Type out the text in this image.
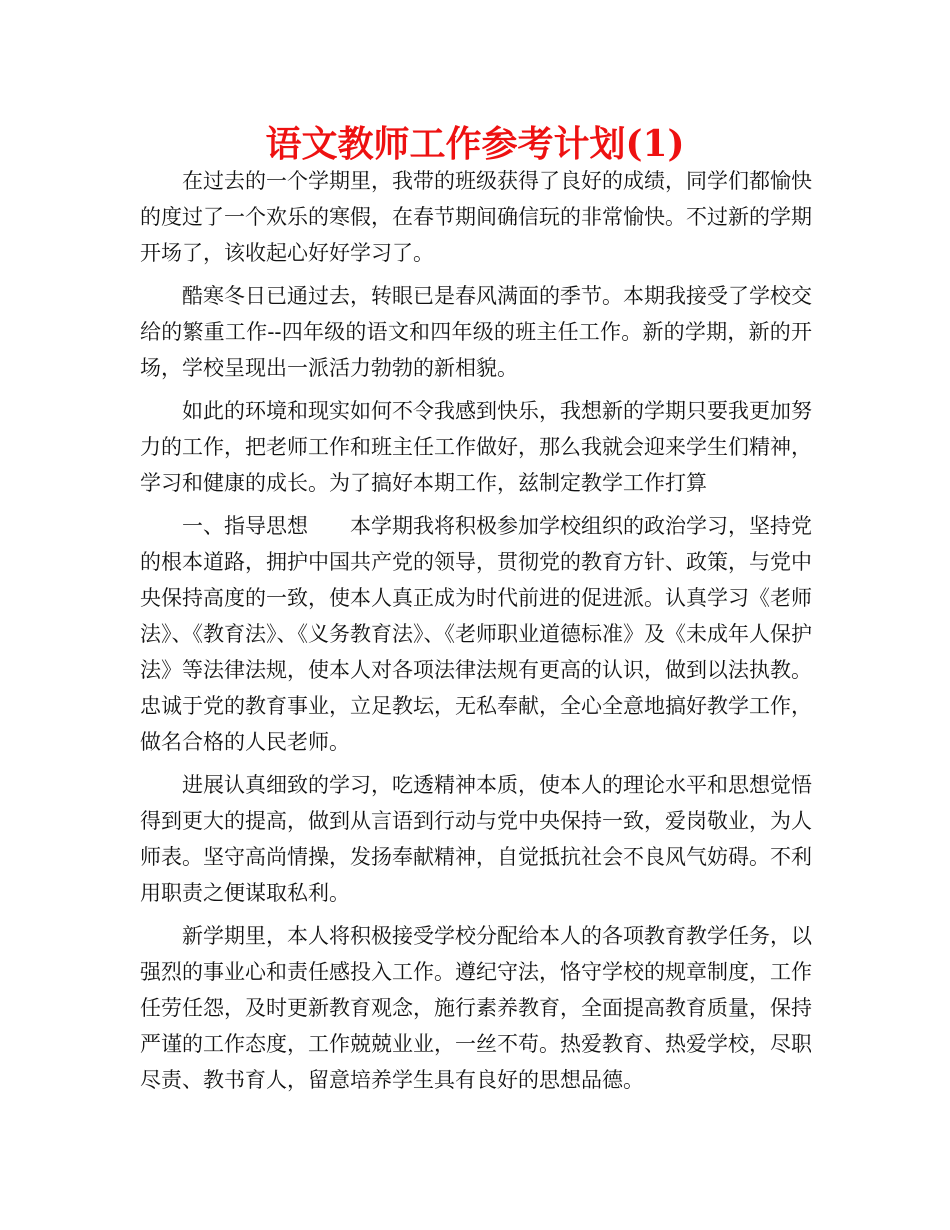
语文教师工作参考计划(1)

在过去的一个学期里，我带的班级获得了良好的成绩，同学们都愉快的度过了一个欢乐的寒假，在春节期间确信玩的非常愉快。不过新的学期开场了，该收起心好好学习了。

酷寒冬日已通过去，转眼已是春风满面的季节。本期我接受了学校交给的繁重工作--四年级的语文和四年级的班主任工作。新的学期，新的开场，学校呈现出一派活力勃勃的新相貌。

如此的环境和现实如何不令我感到快乐，我想新的学期只要我更加努力的工作，把老师工作和班主任工作做好，那么我就会迎来学生们精神，学习和健康的成长。为了搞好本期工作，兹制定教学工作打算

一、指导思想　　本学期我将积极参加学校组织的政治学习，坚持党的根本道路，拥护中国共产党的领导，贯彻党的教育方针、政策，与党中央保持高度的一致，使本人真正成为时代前进的促进派。认真学习《老师法》、《教育法》、《义务教育法》、《老师职业道德标准》及《未成年人保护法》等法律法规，使本人对各项法律法规有更高的认识，做到以法执教。忠诚于党的教育事业，立足教坛，无私奉献，全心全意地搞好教学工作，做名合格的人民老师。

进展认真细致的学习，吃透精神本质，使本人的理论水平和思想觉悟得到更大的提高，做到从言语到行动与党中央保持一致，爱岗敬业，为人师表。坚守高尚情操，发扬奉献精神，自觉抵抗社会不良风气妨碍。不利用职责之便谋取私利。

新学期里，本人将积极接受学校分配给本人的各项教育教学任务，以强烈的事业心和责任感投入工作。遵纪守法，恪守学校的规章制度，工作任劳任怨，及时更新教育观念，施行素养教育，全面提高教育质量，保持严谨的工作态度，工作兢兢业业，一丝不苟。热爱教育、热爱学校，尽职尽责、教书育人，留意培养学生具有良好的思想品德。
